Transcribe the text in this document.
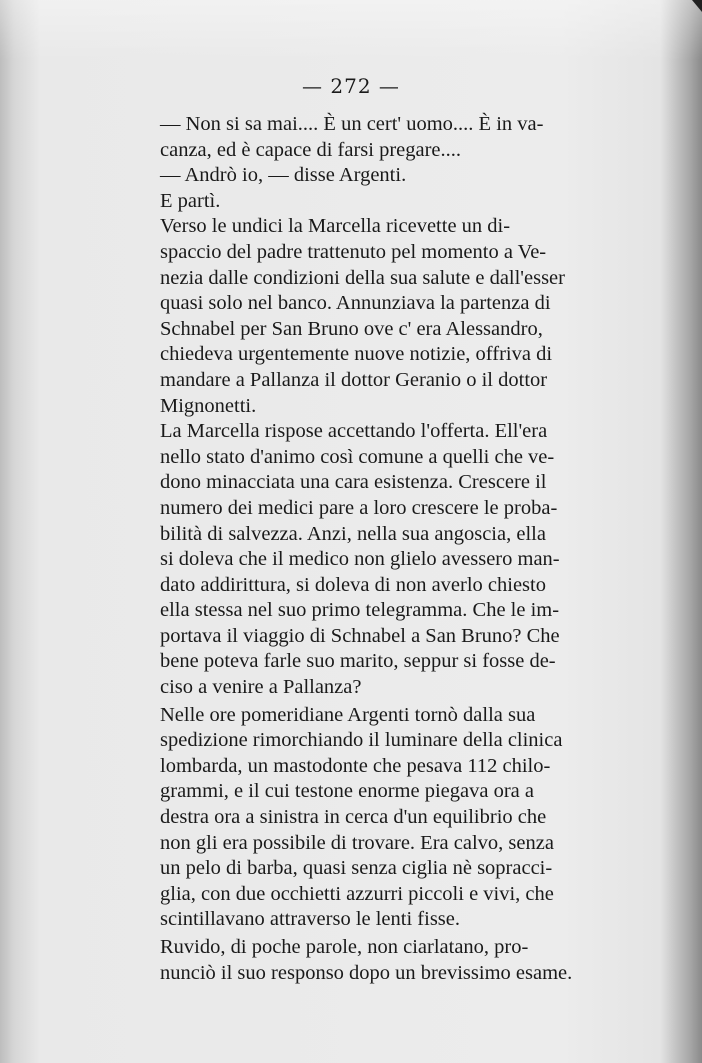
— 272 —
— Non si sa mai.... È un cert' uomo.... È in va-
canza, ed è capace di farsi pregare....
— Andrò io, — disse Argenti.
E partì.
Verso le undici la Marcella ricevette un di-
spaccio del padre trattenuto pel momento a Ve-
nezia dalle condizioni della sua salute e dall'esser
quasi solo nel banco. Annunziava la partenza di
Schnabel per San Bruno ove c' era Alessandro,
chiedeva urgentemente nuove notizie, offriva di
mandare a Pallanza il dottor Geranio o il dottor
Mignonetti.
La Marcella rispose accettando l'offerta. Ell'era
nello stato d'animo così comune a quelli che ve-
dono minacciata una cara esistenza. Crescere il
numero dei medici pare a loro crescere le proba-
bilità di salvezza. Anzi, nella sua angoscia, ella
si doleva che il medico non glielo avessero man-
dato addirittura, si doleva di non averlo chiesto
ella stessa nel suo primo telegramma. Che le im-
portava il viaggio di Schnabel a San Bruno? Che
bene poteva farle suo marito, seppur si fosse de-
ciso a venire a Pallanza?
Nelle ore pomeridiane Argenti tornò dalla sua
spedizione rimorchiando il luminare della clinica
lombarda, un mastodonte che pesava 112 chilo-
grammi, e il cui testone enorme piegava ora a
destra ora a sinistra in cerca d'un equilibrio che
non gli era possibile di trovare. Era calvo, senza
un pelo di barba, quasi senza ciglia nè sopracci-
glia, con due occhietti azzurri piccoli e vivi, che
scintillavano attraverso le lenti fisse.
Ruvido, di poche parole, non ciarlatano, pro-
nunciò il suo responso dopo un brevissimo esame.
